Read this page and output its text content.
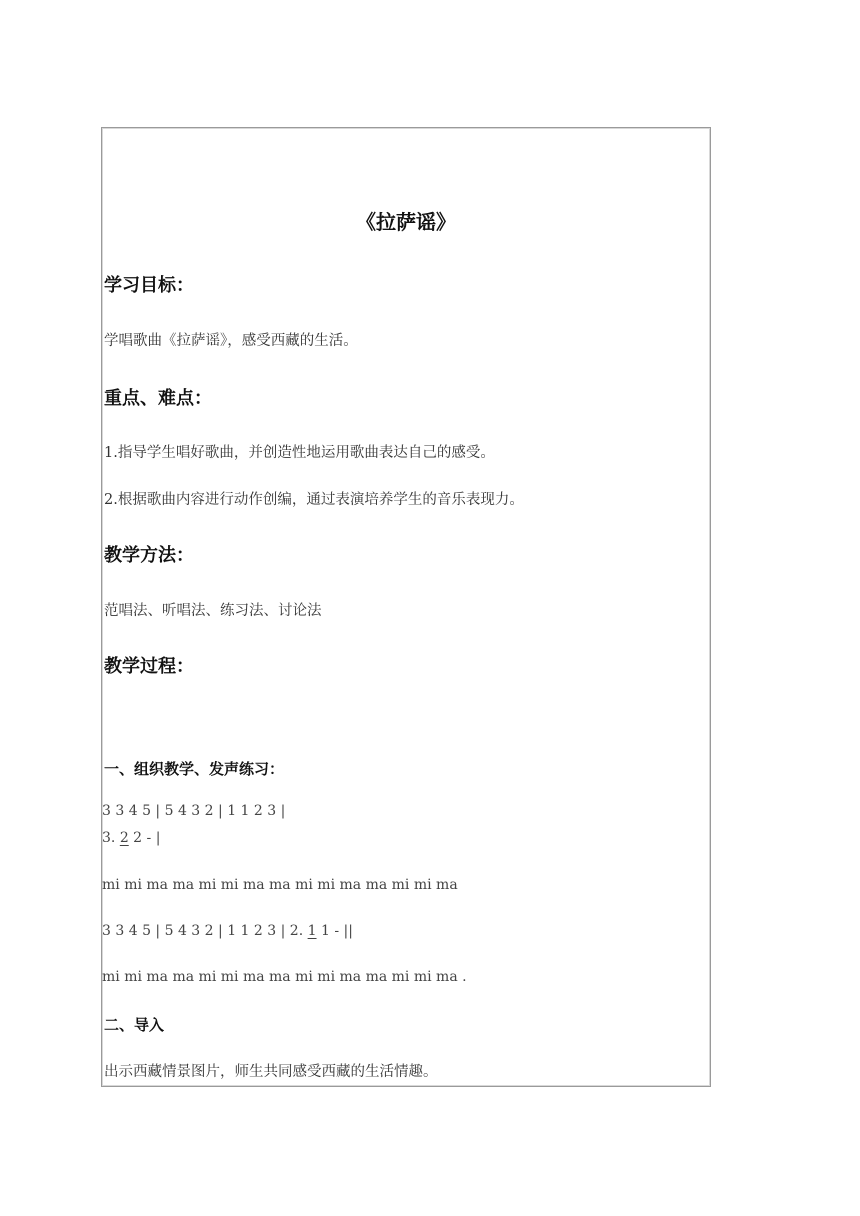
《拉萨谣》
学习目标：
学唱歌曲《拉萨谣》，感受西藏的生活。
重点、难点：
1.指导学生唱好歌曲，并创造性地运用歌曲表达自己的感受。
2.根据歌曲内容进行动作创编，通过表演培养学生的音乐表现力。
教学方法：
范唱法、听唱法、练习法、讨论法
教学过程：
一、组织教学、发声练习：
3 3 4 5 | 5 4 3 2 | 1 1 2 3 |
3. 2 2 - |
mi mi ma ma mi mi ma ma mi mi ma ma mi mi ma
3 3 4 5 | 5 4 3 2 | 1 1 2 3 | 2. 1 1 - ||
mi mi ma ma mi mi ma ma mi mi ma ma mi mi ma .
二、导入
出示西藏情景图片，师生共同感受西藏的生活情趣。
